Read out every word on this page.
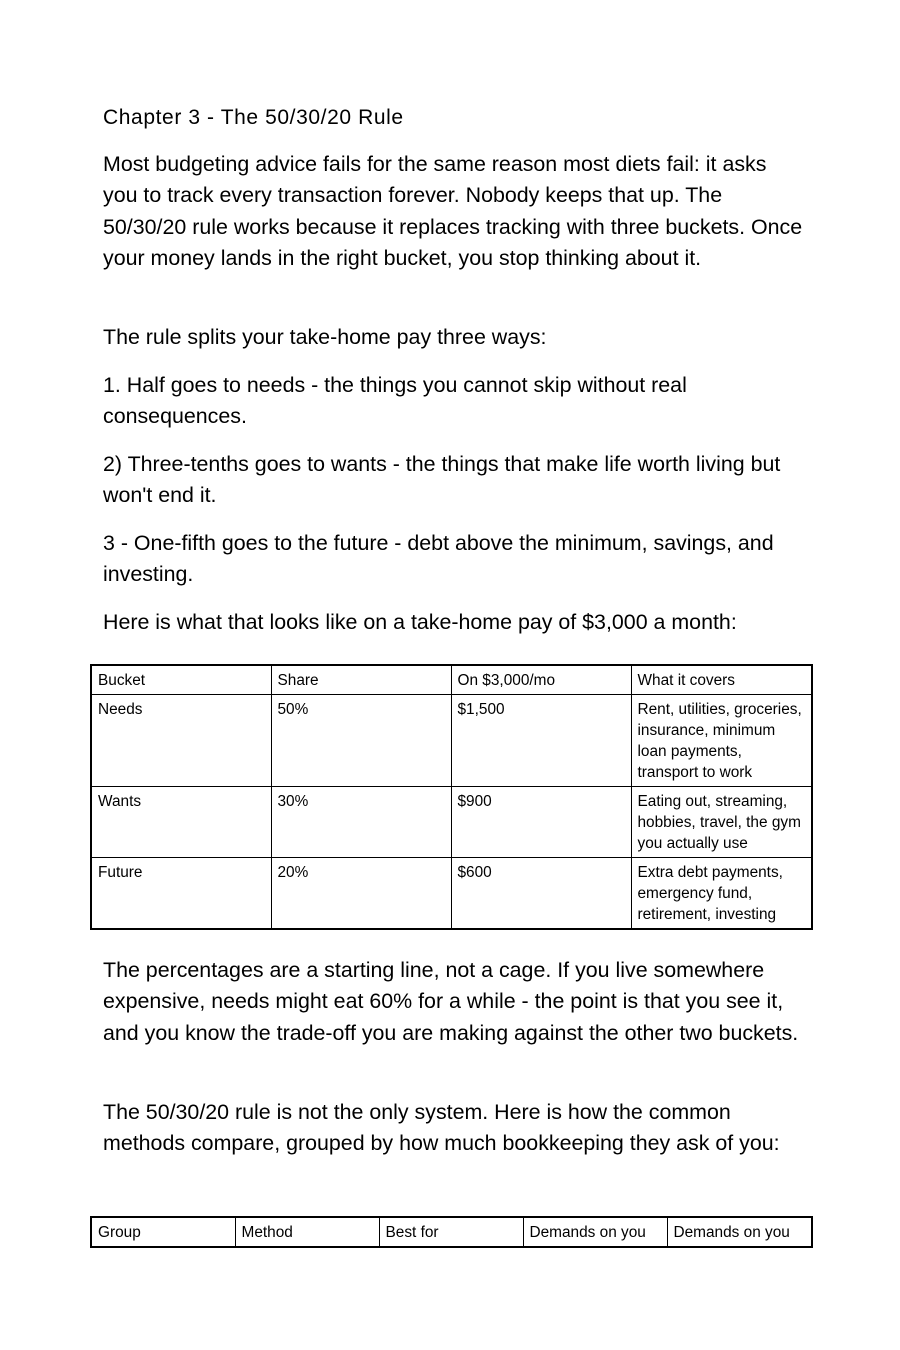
Chapter 3 - The 50/30/20 Rule

Most budgeting advice fails for the same reason most diets fail: it asks you to track every transaction forever. Nobody keeps that up. The 50/30/20 rule works because it replaces tracking with three buckets. Once your money lands in the right bucket, you stop thinking about it.

The rule splits your take-home pay three ways:

1. Half goes to needs - the things you cannot skip without real consequences.

2) Three-tenths goes to wants - the things that make life worth living but won't end it.

3 - One-fifth goes to the future - debt above the minimum, savings, and investing.

Here is what that looks like on a take-home pay of $3,000 a month:

Bucket	Share	On $3,000/mo	What it covers
Needs	50%	$1,500	Rent, utilities, groceries, insurance, minimum loan payments, transport to work
Wants	30%	$900	Eating out, streaming, hobbies, travel, the gym you actually use
Future	20%	$600	Extra debt payments, emergency fund, retirement, investing

The percentages are a starting line, not a cage. If you live somewhere expensive, needs might eat 60% for a while - the point is that you see it, and you know the trade-off you are making against the other two buckets.

The 50/30/20 rule is not the only system. Here is how the common methods compare, grouped by how much bookkeeping they ask of you:

Group	Method	Best for	Demands on you	Demands on you
